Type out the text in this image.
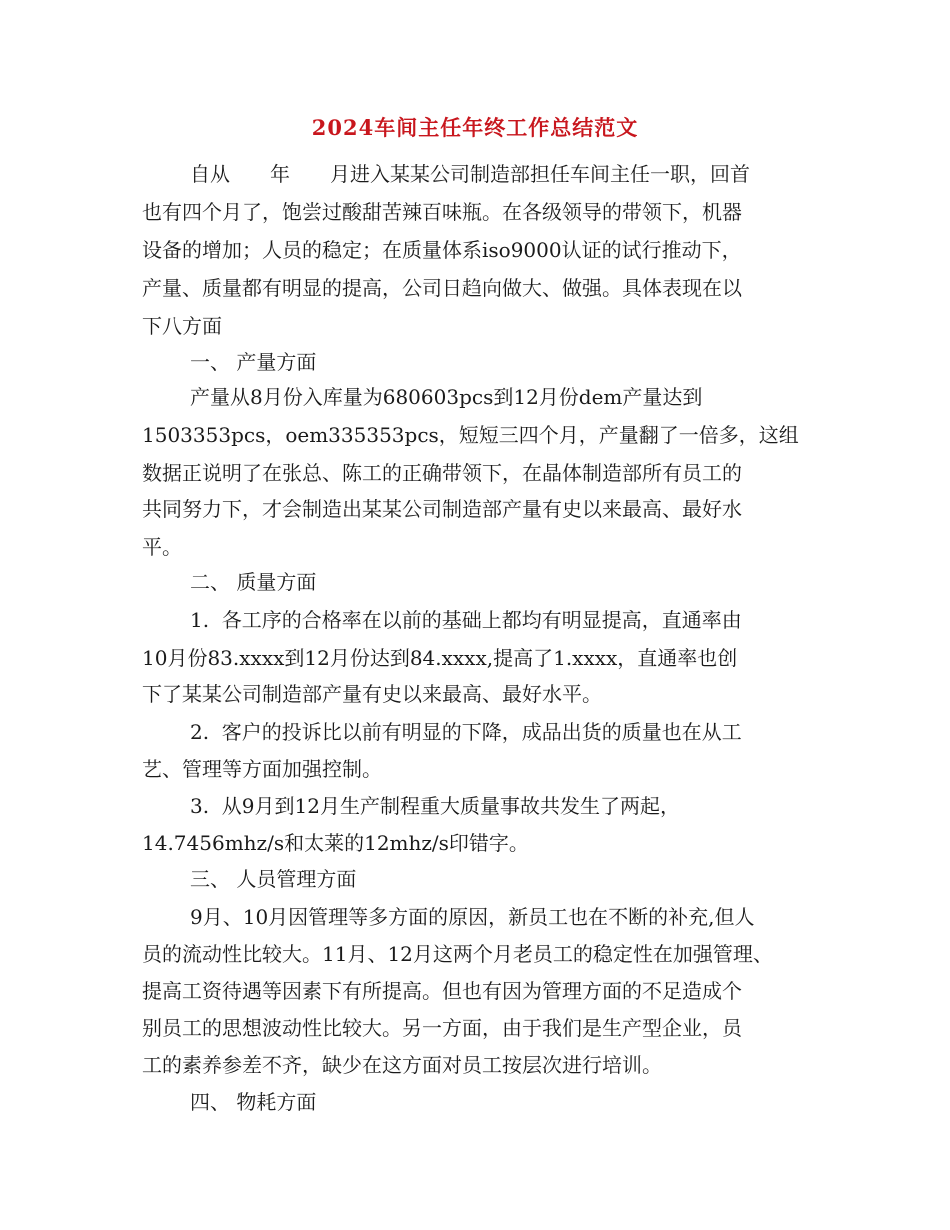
2024车间主任年终工作总结范文
自从　　年　　月进入某某公司制造部担任车间主任一职，回首
也有四个月了，饱尝过酸甜苦辣百味瓶。在各级领导的带领下，机器
设备的增加；人员的稳定；在质量体系iso9000认证的试行推动下，
产量、质量都有明显的提高，公司日趋向做大、做强。具体表现在以
下八方面
一、 产量方面
产量从8月份入库量为680603pcs到12月份dem产量达到
1503353pcs，oem335353pcs，短短三四个月，产量翻了一倍多，这组
数据正说明了在张总、陈工的正确带领下，在晶体制造部所有员工的
共同努力下，才会制造出某某公司制造部产量有史以来最高、最好水
平。
二、 质量方面
1.  各工序的合格率在以前的基础上都均有明显提高，直通率由
10月份83.xxxx到12月份达到84.xxxx,提高了1.xxxx，直通率也创
下了某某公司制造部产量有史以来最高、最好水平。
2.  客户的投诉比以前有明显的下降，成品出货的质量也在从工
艺、管理等方面加强控制。
3.  从9月到12月生产制程重大质量事故共发生了两起，
14.7456mhz/s和太莱的12mhz/s印错字。
三、 人员管理方面
9月、10月因管理等多方面的原因，新员工也在不断的补充,但人
员的流动性比较大。11月、12月这两个月老员工的稳定性在加强管理、
提高工资待遇等因素下有所提高。但也有因为管理方面的不足造成个
别员工的思想波动性比较大。另一方面，由于我们是生产型企业，员
工的素养参差不齐，缺少在这方面对员工按层次进行培训。
四、 物耗方面
